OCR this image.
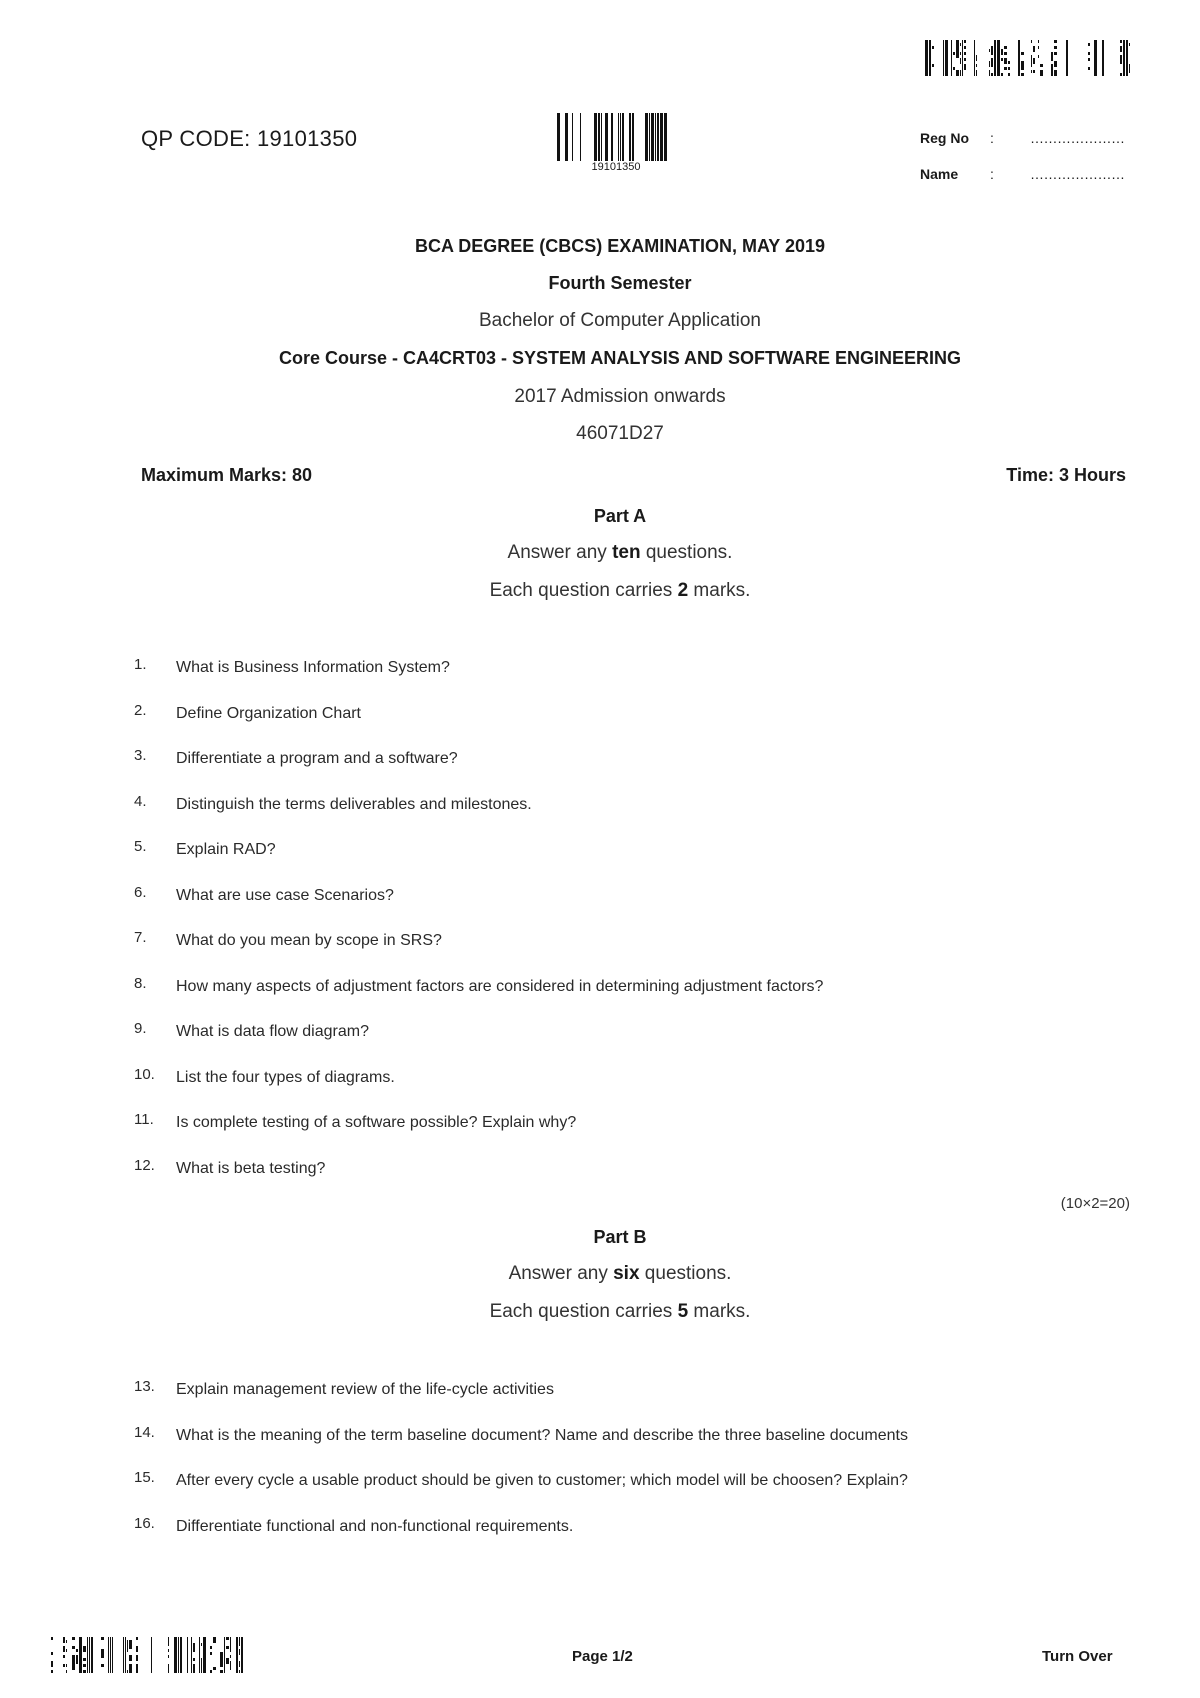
19101350
QP CODE: 19101350	Reg No :	…………………
Name :	…………………
BCA DEGREE (CBCS) EXAMINATION, MAY 2019
Fourth Semester
Bachelor of Computer Application
Core Course - CA4CRT03 - SYSTEM ANALYSIS AND SOFTWARE ENGINEERING
2017 Admission onwards
46071D27
Maximum Marks: 80	Time: 3 Hours
Part A
Answer any ten questions.
Each question carries 2 marks.
1. What is Business Information System?
2. Define Organization Chart
3. Differentiate a program and a software?
4. Distinguish the terms deliverables and milestones.
5. Explain RAD?
6. What are use case Scenarios?
7. What do you mean by scope in SRS?
8. How many aspects of adjustment factors are considered in determining adjustment factors?
9. What is data flow diagram?
10. List the four types of diagrams.
11. Is complete testing of a software possible? Explain why?
12. What is beta testing?
(10×2=20)
Part B
Answer any six questions.
Each question carries 5 marks.
13. Explain management review of the life-cycle activities
14. What is the meaning of the term baseline document? Name and describe the three baseline documents
15. After every cycle a usable product should be given to customer; which model will be choosen? Explain?
16. Differentiate functional and non-functional requirements.
Page 1/2	Turn Over
